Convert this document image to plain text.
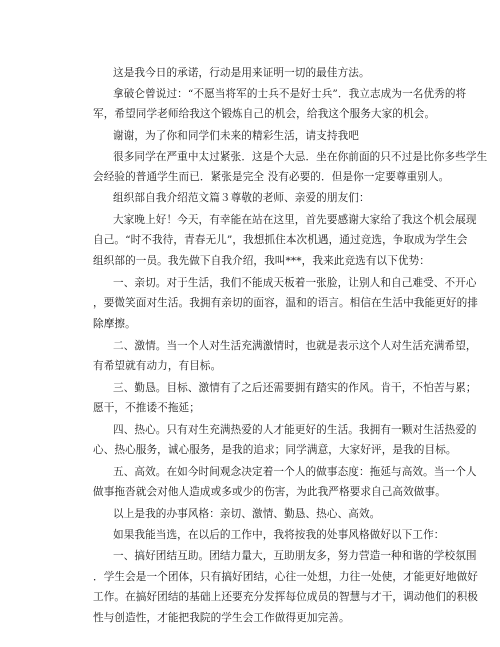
这是我今日的承诺，行动是用来证明一切的最佳方法。
拿破仑曾说过：“不愿当将军的士兵不是好士兵”．我立志成为一名优秀的将
军，希望同学老师给我这个锻炼自己的机会，给我这个服务大家的机会。
谢谢，为了你和同学们未来的精彩生活，请支持我吧
很多同学在严重中太过紧张．这是个大忌．坐在你前面的只不过是比你多些学生
会经验的普通学生而已．紧张是完全 没有必要的．但是你一定要尊重别人。
组织部自我介绍范文篇３尊敬的老师、亲爱的朋友们：
大家晚上好！今天，有幸能在站在这里，首先要感谢大家给了我这个机会展现
自己。“时不我待，青春无儿”，我想抓住本次机遇，通过竞选，争取成为学生会
组织部的一员。我先做下自我介绍，我叫***，我来此竞选有以下优势：
一、亲切。对于生活，我们不能成天板着一张脸，让别人和自己难受、不开心
，要微笑面对生活。我拥有亲切的面容，温和的语言。相信在生活中我能更好的排
除摩擦。
二、激情。当一个人对生活充满激情时，也就是表示这个人对生活充满希望，
有希望就有动力，有目标。
三、勤恳。目标、激情有了之后还需要拥有踏实的作风。肯干，不怕苦与累；
愿干，不推诿不拖延；
四、热心。只有对生充满热爱的人才能更好的生活。我拥有一颗对生活热爱的
心、热心服务，诚心服务，是我的追求；同学满意，大家好评，是我的目标。
五、高效。在如今时间观念决定着一个人的做事态度：拖延与高效。当一个人
做事拖沓就会对他人造成或多或少的伤害，为此我严格要求自己高效做事。
以上是我的办事风格：亲切、激情、勤恳、热心、高效。
如果我能当选，在以后的工作中，我将按我的处事风格做好以下工作：
一、搞好团结互助。团结力量大，互助朋友多，努力营造一种和谐的学校氛围
．学生会是一个团体，只有搞好团结，心往一处想，力往一处使，才能更好地做好
工作。在搞好团结的基础上还要充分发挥每位成员的智慧与才干，调动他们的积极
性与创造性，才能把我院的学生会工作做得更加完善。
